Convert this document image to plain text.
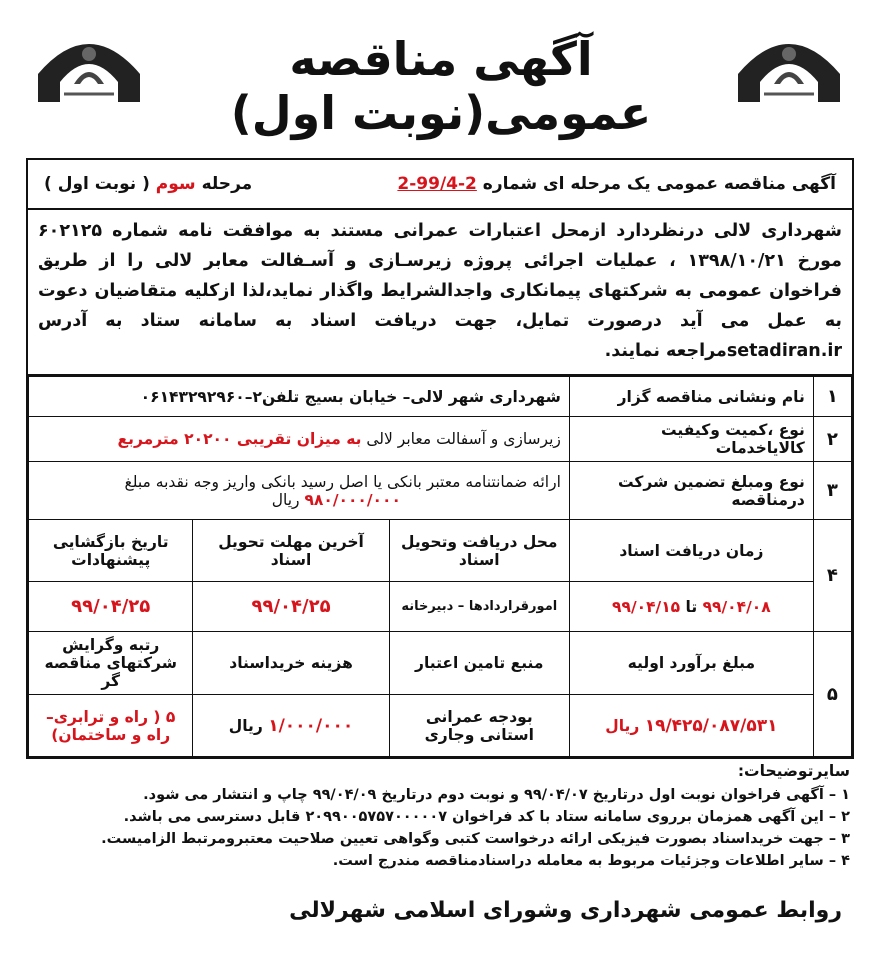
آگهی مناقصه عمومی(نوبت اول)
آگهی مناقصه عمومی یک مرحله ای شماره 2-99/4-2
مرحله سوم ( نوبت اول )
شهرداری لالی درنظردارد ازمحل اعتبارات عمرانی مستند به موافقت نامه شماره ۶۰۲۱۲۵ مورخ ۱۳۹۸/۱۰/۲۱ ، عملیات اجرائی پروژه زیرسـازی و آسـفالت معابر لالی را از طریق فراخوان عمومی به شرکتهای پیمانکاری واجدالشرایط واگذار نماید،لذا ازکلیه متقاضیان دعوت به عمل می آید درصورت تمایل، جهت دریافت اسناد به سامانه ستاد به آدرس setadiran.irمراجعه نمایند.
۱	نام ونشانی مناقصه گزار	شهرداری شهر لالی– خیابان بسیج تلفن۲–۰۶۱۴۳۲۹۲۹۶۰		
۲	نوع ،کمیت وکیفیت کالاياخدمات	زیرسازی و آسفالت معابر لالی به میزان تقریبی ۲۰۲۰۰ مترمربع		
۳	نوع ومبلغ تضمین شرکت درمناقصه	ارائه ضمانتنامه معتبر بانکی یا اصل رسید بانکی واریز وجه نقدبه مبلغ
۹۸۰/۰۰۰/۰۰۰ ریال		

۴	زمان دریافت اسناد	محل دریافت وتحویل اسناد	آخرین مهلت تحویل اسناد	تاریخ بازگشایی پیشنهادات
	۹۹/۰۴/۰۸ تا ۹۹/۰۴/۱۵	امورقراردادها – دبیرخانه	۹۹/۰۴/۲۵	۹۹/۰۴/۲۵
۵	مبلغ برآورد اولیه	منبع تامین اعتبار	هزینه خریداسناد	رتبه وگرایش شرکتهای مناقصه گر
	۱۹/۴۲۵/۰۸۷/۵۳۱ ریال	بودجه عمرانی استانی وجاری	۱/۰۰۰/۰۰۰ ریال	۵ ( راه و ترابری– راه و ساختمان)
سایرتوضیحات:
۱ – آگهی فراخوان نوبت اول درتاریخ ۹۹/۰۴/۰۷ و نوبت دوم درتاریخ ۹۹/۰۴/۰۹ چاپ و انتشار می شود.
۲ – این آگهی همزمان برروی سامانه ستاد با کد فراخوان ۲۰۹۹۰۰۵۷۵۷۰۰۰۰۰۷ قابل دسترسی می باشد.
۳ – جهت خریداسناد بصورت فیزیکی ارائه درخواست کتبی وگواهی تعیین صلاحیت معتبرومرتبط الزامیست.
۴ – سایر اطلاعات وجزئیات مربوط به معامله دراسنادمناقصه مندرج است.
روابط عمومی شهرداری وشورای اسلامی شهرلالی
